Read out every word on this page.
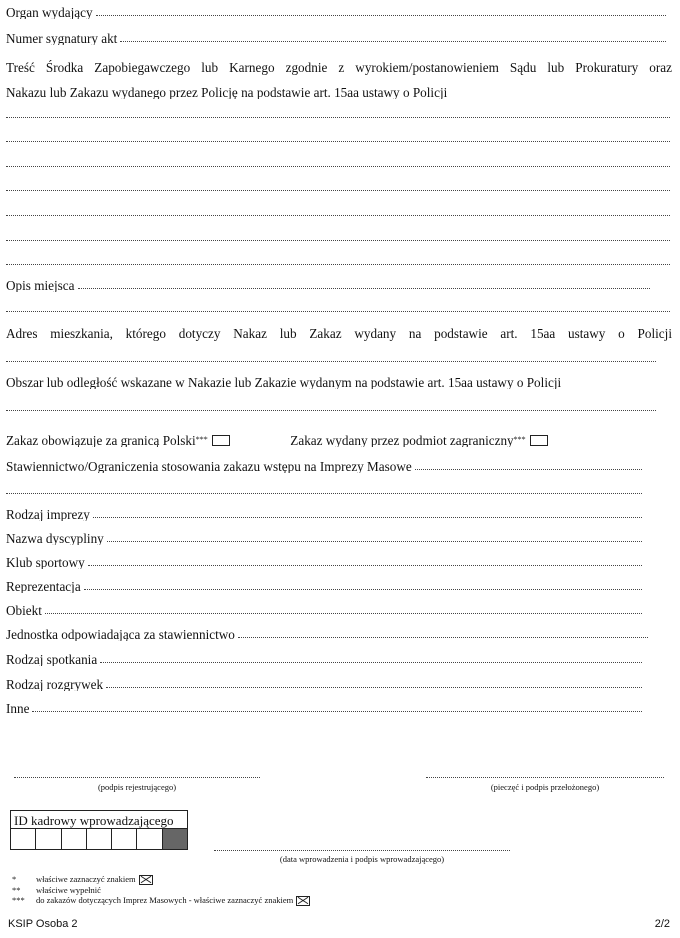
Organ wydający
Numer sygnatury akt
Treść Środka Zapobiegawczego lub Karnego zgodnie z wyrokiem/postanowieniem Sądu lub Prokuratury oraz
Nakazu lub Zakazu wydanego przez Policję na podstawie art. 15aa ustawy o Policji
Opis miejsca
Adres mieszkania, którego dotyczy Nakaz lub Zakaz wydany na podstawie art. 15aa ustawy o Policji
Obszar lub odległość wskazane w Nakazie lub Zakazie wydanym na podstawie art. 15aa ustawy o Policji
Zakaz obowiązuje za granicą Polski***	Zakaz wydany przez podmiot zagraniczny***
Stawiennictwo/Ograniczenia stosowania zakazu wstępu na Imprezy Masowe
Rodzaj imprezy
Nazwa dyscypliny
Klub sportowy
Reprezentacja
Obiekt
Jednostka odpowiadająca za stawiennictwo
Rodzaj spotkania
Rodzaj rozgrywek
Inne
(podpis rejestrującego)	(pieczęć i podpis przełożonego)
ID kadrowy wprowadzającego
(data wprowadzenia i podpis wprowadzającego)
* właściwe zaznaczyć znakiem
** właściwe wypełnić
*** do zakazów dotyczących Imprez Masowych - właściwe zaznaczyć znakiem
KSIP Osoba 2	2/2
